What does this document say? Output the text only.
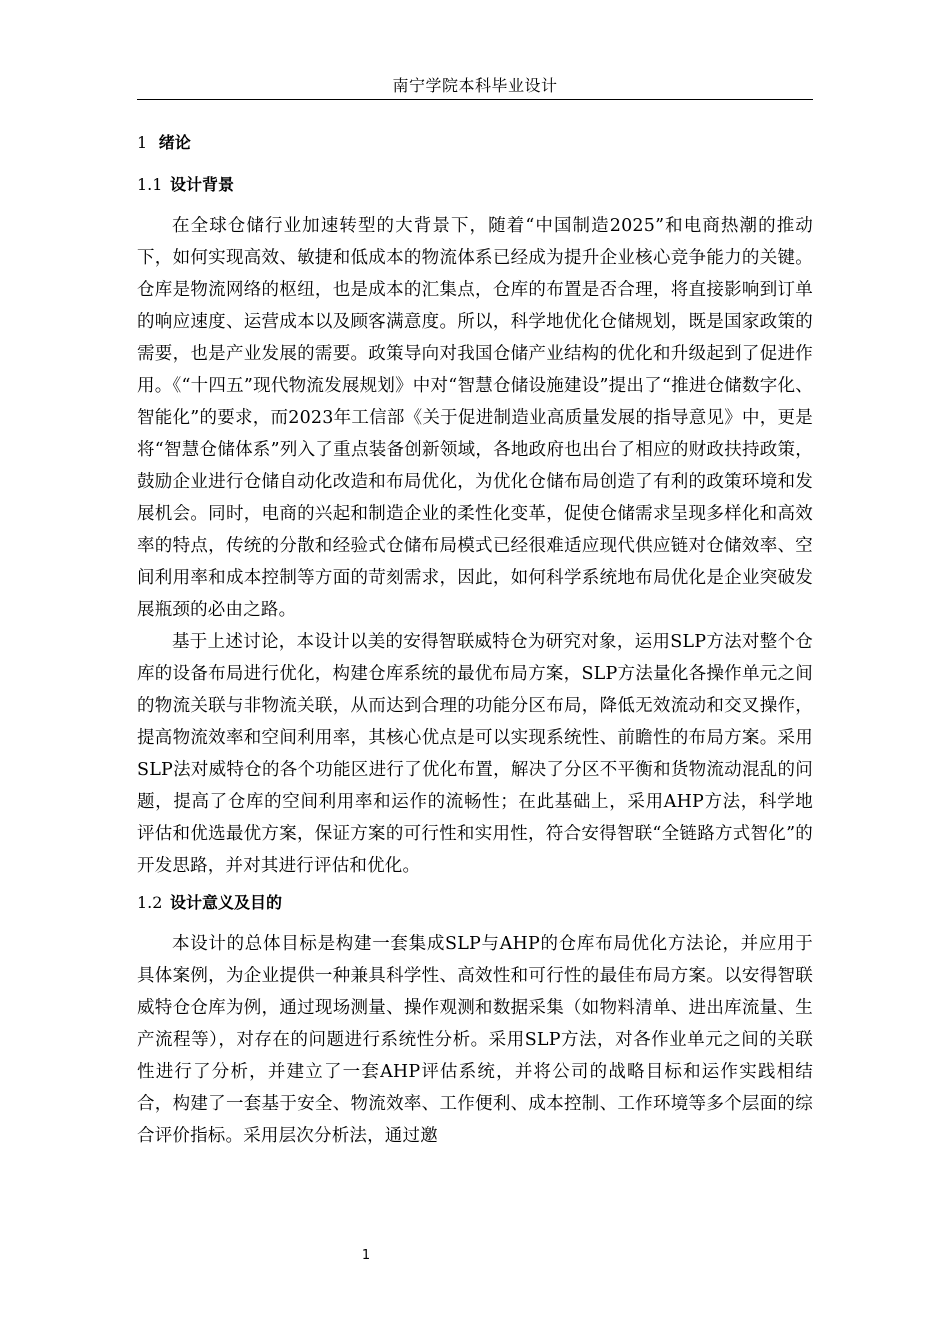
南宁学院本科毕业设计
1 绪论
1.1 设计背景

在全球仓储行业加速转型的大背景下，随着“中国制造2025”和电商热潮的推动下，如何实现高效、敏捷和低成本的物流体系已经成为提升企业核心竞争能力的关键。仓库是物流网络的枢纽，也是成本的汇集点，仓库的布置是否合理，将直接影响到订单的响应速度、运营成本以及顾客满意度。所以，科学地优化仓储规划，既是国家政策的需要，也是产业发展的需要。政策导向对我国仓储产业结构的优化和升级起到了促进作用。《“十四五”现代物流发展规划》中对“智慧仓储设施建设”提出了“推进仓储数字化、智能化”的要求，而2023年工信部《关于促进制造业高质量发展的指导意见》中，更是将“智慧仓储体系”列入了重点装备创新领域，各地政府也出台了相应的财政扶持政策，鼓励企业进行仓储自动化改造和布局优化，为优化仓储布局创造了有利的政策环境和发展机会。同时，电商的兴起和制造企业的柔性化变革，促使仓储需求呈现多样化和高效率的特点，传统的分散和经验式仓储布局模式已经很难适应现代供应链对仓储效率、空间利用率和成本控制等方面的苛刻需求，因此，如何科学系统地布局优化是企业突破发展瓶颈的必由之路。

基于上述讨论，本设计以美的安得智联威特仓为研究对象，运用SLP方法对整个仓库的设备布局进行优化，构建仓库系统的最优布局方案，SLP方法量化各操作单元之间的物流关联与非物流关联，从而达到合理的功能分区布局，降低无效流动和交叉操作，提高物流效率和空间利用率，其核心优点是可以实现系统性、前瞻性的布局方案。采用SLP法对威特仓的各个功能区进行了优化布置，解决了分区不平衡和货物流动混乱的问题，提高了仓库的空间利用率和运作的流畅性；在此基础上，采用AHP方法，科学地评估和优选最优方案，保证方案的可行性和实用性，符合安得智联“全链路方式智化”的开发思路，并对其进行评估和优化。

1.2 设计意义及目的

本设计的总体目标是构建一套集成SLP与AHP的仓库布局优化方法论，并应用于具体案例，为企业提供一种兼具科学性、高效性和可行性的最佳布局方案。以安得智联威特仓仓库为例，通过现场测量、操作观测和数据采集（如物料清单、进出库流量、生产流程等），对存在的问题进行系统性分析。采用SLP方法，对各作业单元之间的关联性进行了分析，并建立了一套AHP评估系统，并将公司的战略目标和运作实践相结合，构建了一套基于安全、物流效率、工作便利、成本控制、工作环境等多个层面的综合评价指标。采用层次分析法，通过邀

1
